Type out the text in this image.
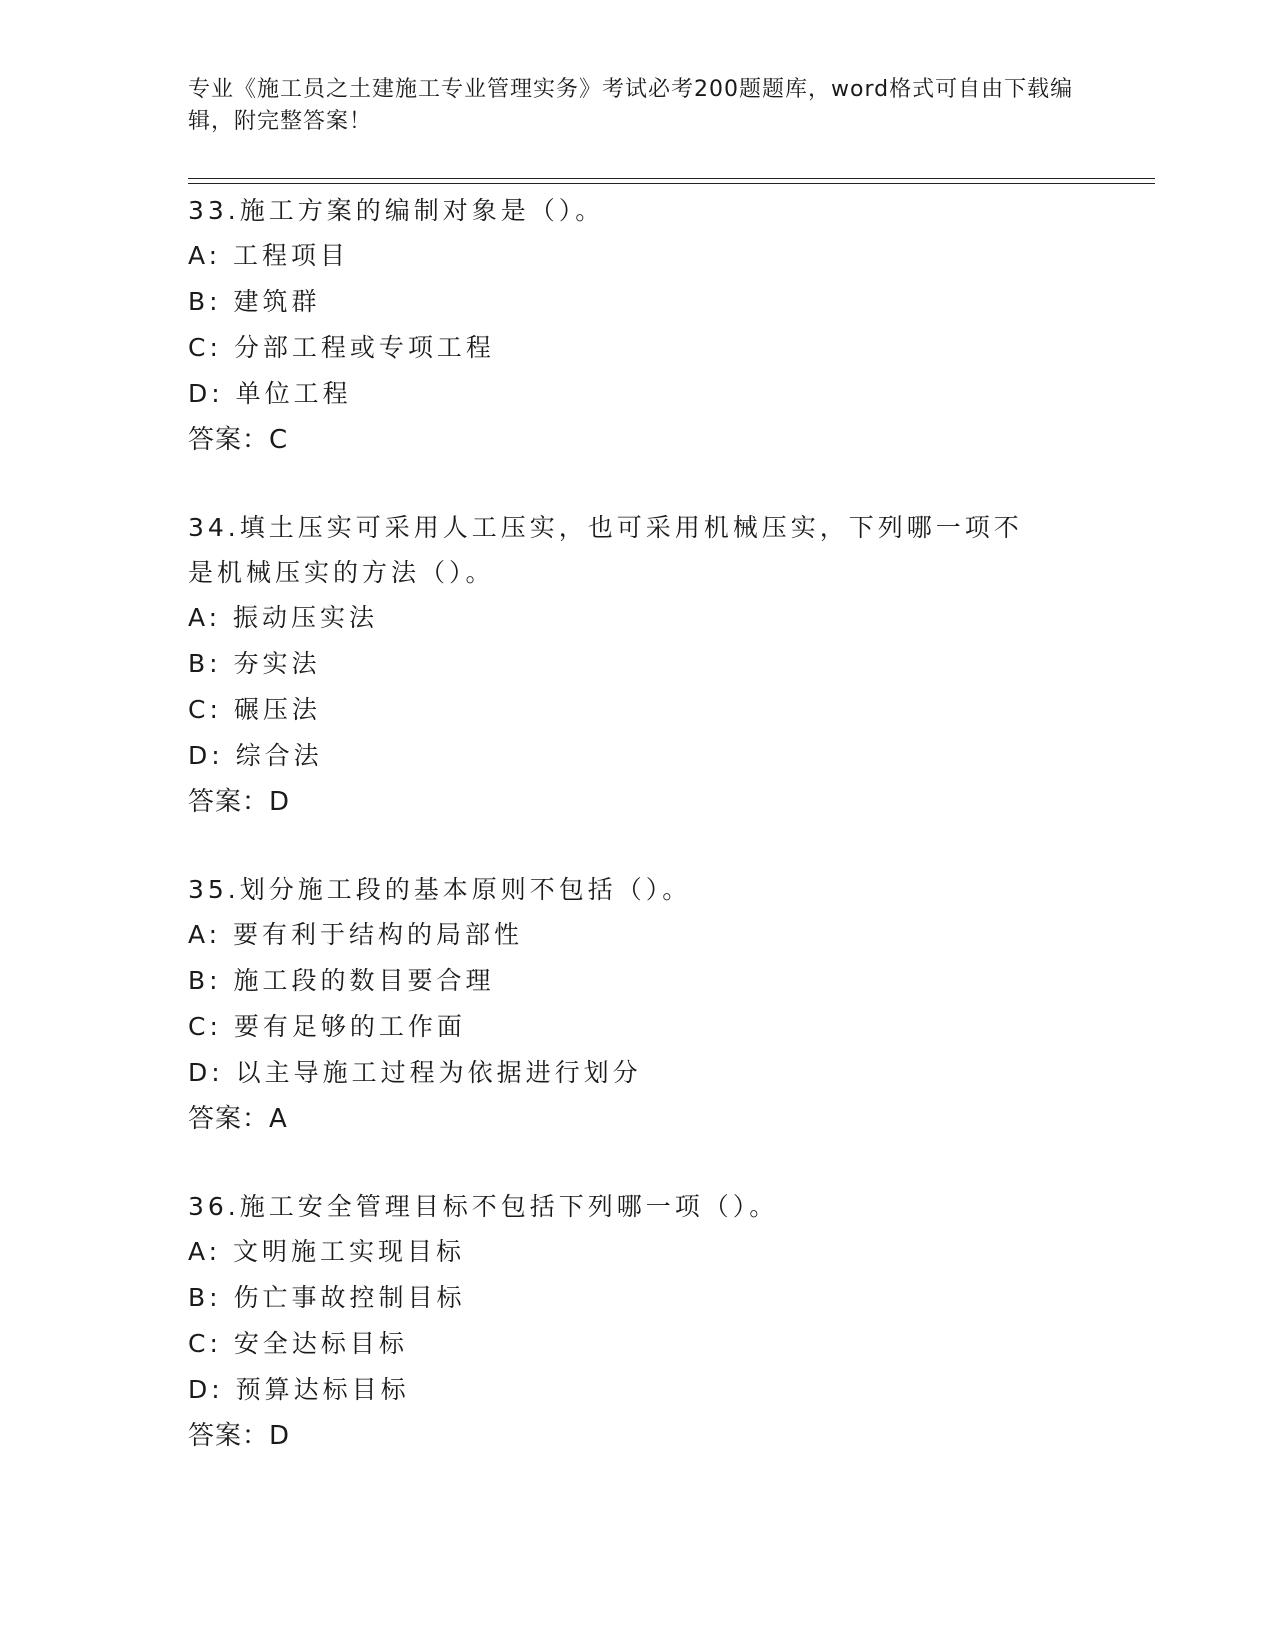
专业《施工员之土建施工专业管理实务》考试必考200题题库，word格式可自由下载编辑，附完整答案！
33.施工方案的编制对象是（）。
A: 工程项目
B: 建筑群
C: 分部工程或专项工程
D: 单位工程
答案：C
34.填土压实可采用人工压实，也可采用机械压实，下列哪一项不是机械压实的方法（）。
A: 振动压实法
B: 夯实法
C: 碾压法
D: 综合法
答案：D
35.划分施工段的基本原则不包括（）。
A: 要有利于结构的局部性
B: 施工段的数目要合理
C: 要有足够的工作面
D: 以主导施工过程为依据进行划分
答案：A
36.施工安全管理目标不包括下列哪一项（）。
A: 文明施工实现目标
B: 伤亡事故控制目标
C: 安全达标目标
D: 预算达标目标
答案：D
